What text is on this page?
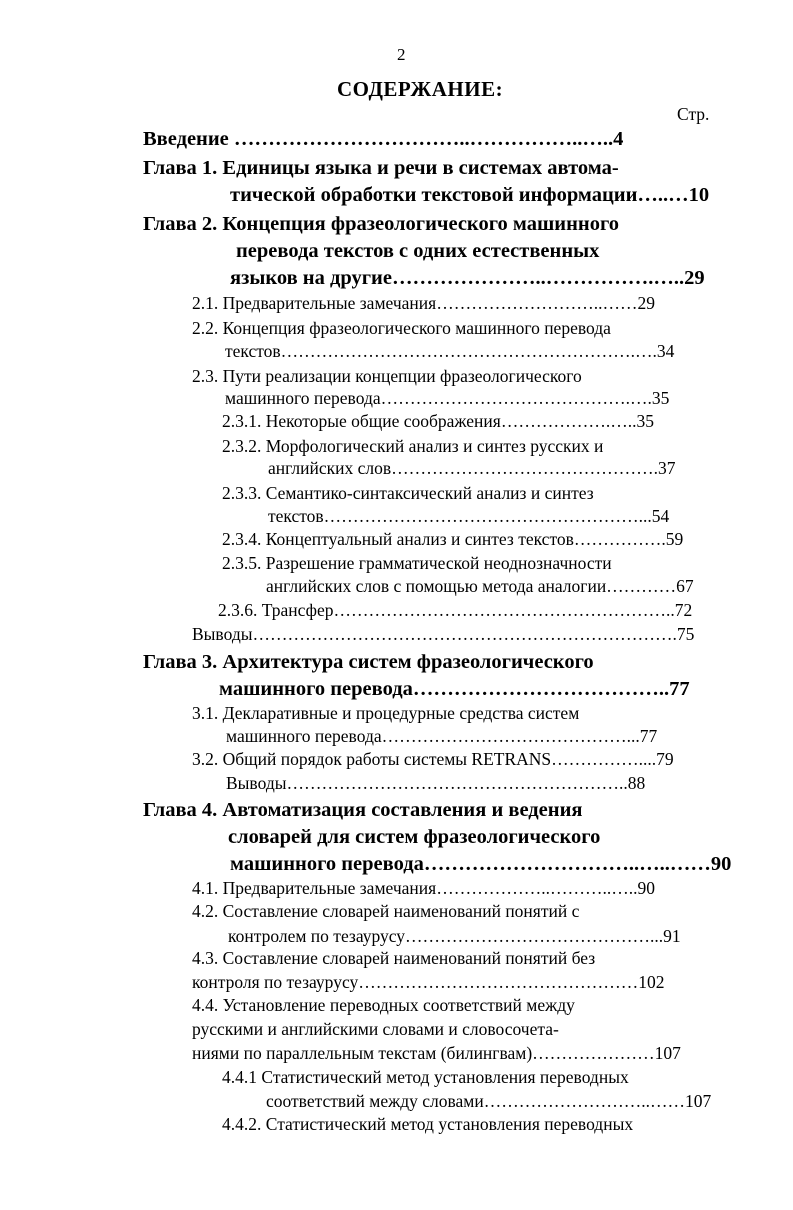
2
СОДЕРЖАНИЕ:
Стр.
Введение ……………………………..……………..…..4
Глава 1. Единицы языка и речи в системах автома-
тической обработки текстовой информации…..…10
Глава 2. Концепция фразеологического машинного
перевода текстов с одних естественных
языков на другие…………………..…………….…..29
2.1. Предварительные замечания………………………..……29
2.2. Концепция фразеологического машинного перевода
текстов…………………………………………………….….34
2.3. Пути реализации концепции фразеологического
машинного перевода…………………………………….….35
2.3.1. Некоторые общие соображения……………….…..35
2.3.2. Морфологический анализ и синтез русских и
английских слов……………………………………….37
2.3.3. Семантико-синтаксический анализ и синтез
текстов………………………………………………...54
2.3.4. Концептуальный анализ и синтез текстов…………….59
2.3.5. Разрешение грамматической неоднозначности
английских слов с помощью метода аналогии…………67
2.3.6. Трансфер…………………………………………………..72
Выводы……………………………………………………………….75
Глава 3. Архитектура систем фразеологического
машинного перевода………………………………..77
3.1. Декларативные и процедурные средства систем
машинного перевода……………………………………...77
3.2. Общий порядок работы системы RETRANS……………....79
Выводы…………………………………………………..88
Глава 4. Автоматизация составления и ведения
словарей для систем фразеологического
машинного перевода…………………………..…..……90
4.1. Предварительные замечания………………..………..…..90
4.2. Составление словарей наименований понятий с
контролем по тезаурусу……………………………………...91
4.3. Составление словарей наименований понятий без
контроля по тезаурусу…………………………………………102
4.4. Установление переводных соответствий между
русскими и английскими словами и словосочета-
ниями по параллельным текстам (билингвам)…………………107
4.4.1 Статистический метод установления переводных
соответствий между словами………………………..……107
4.4.2. Статистический метод установления переводных
